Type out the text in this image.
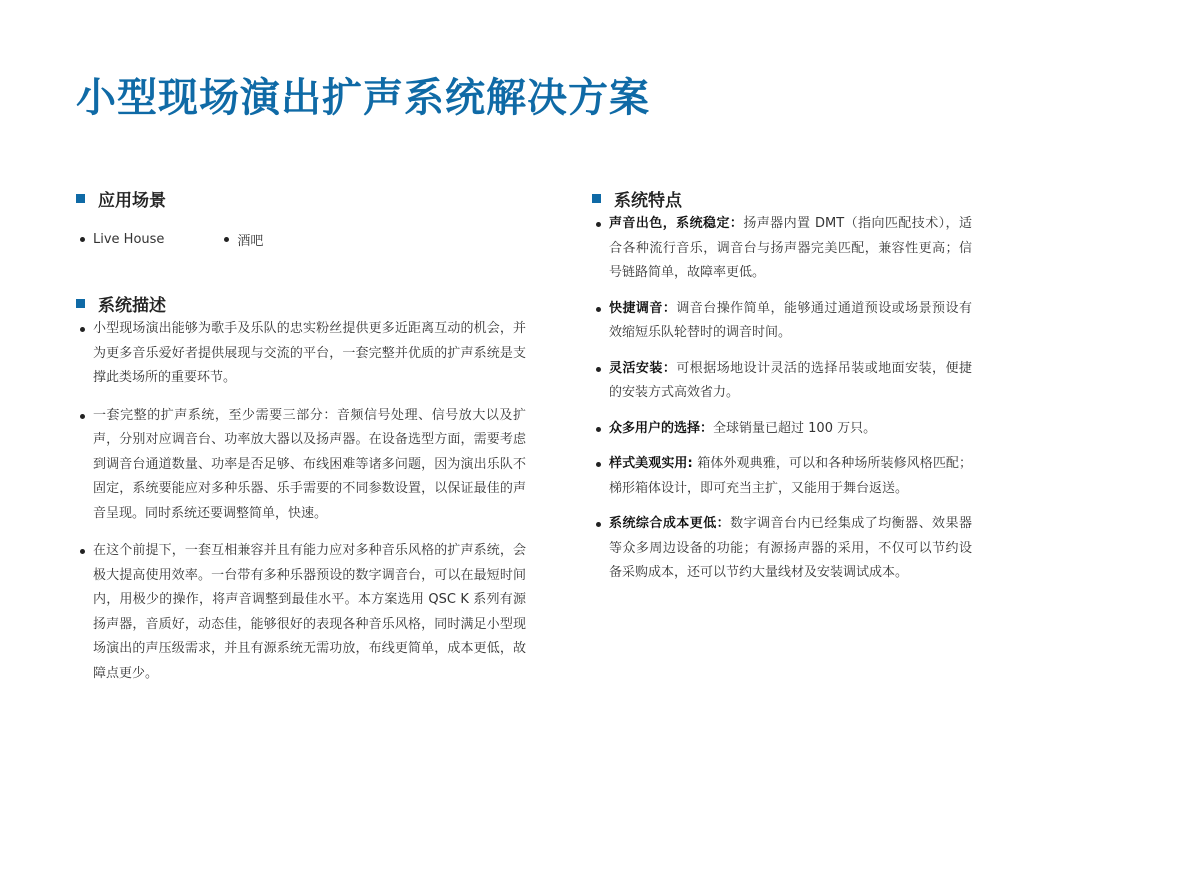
小型现场演出扩声系统解决方案
应用场景
Live House	酒吧
系统描述
小型现场演出能够为歌手及乐队的忠实粉丝提供更多近距离互动的机会，并为更多音乐爱好者提供展现与交流的平台，一套完整并优质的扩声系统是支撑此类场所的重要环节。
一套完整的扩声系统，至少需要三部分：音频信号处理、信号放大以及扩声，分别对应调音台、功率放大器以及扬声器。在设备选型方面，需要考虑到调音台通道数量、功率是否足够、布线困难等诸多问题，因为演出乐队不固定，系统要能应对多种乐器、乐手需要的不同参数设置，以保证最佳的声音呈现。同时系统还要调整简单，快速。
在这个前提下，一套互相兼容并且有能力应对多种音乐风格的扩声系统，会极大提高使用效率。一台带有多种乐器预设的数字调音台，可以在最短时间内，用极少的操作，将声音调整到最佳水平。本方案选用 QSC K 系列有源扬声器，音质好，动态佳，能够很好的表现各种音乐风格，同时满足小型现场演出的声压级需求，并且有源系统无需功放，布线更简单，成本更低，故障点更少。
系统特点
声音出色，系统稳定：扬声器内置 DMT（指向匹配技术），适合各种流行音乐，调音台与扬声器完美匹配，兼容性更高；信号链路简单，故障率更低。
快捷调音：调音台操作简单，能够通过通道预设或场景预设有效缩短乐队轮替时的调音时间。
灵活安装：可根据场地设计灵活的选择吊装或地面安装，便捷的安装方式高效省力。
众多用户的选择：全球销量已超过 100 万只。
样式美观实用: 箱体外观典雅，可以和各种场所装修风格匹配；梯形箱体设计，即可充当主扩，又能用于舞台返送。
系统综合成本更低：数字调音台内已经集成了均衡器、效果器等众多周边设备的功能；有源扬声器的采用，不仅可以节约设备采购成本，还可以节约大量线材及安装调试成本。
